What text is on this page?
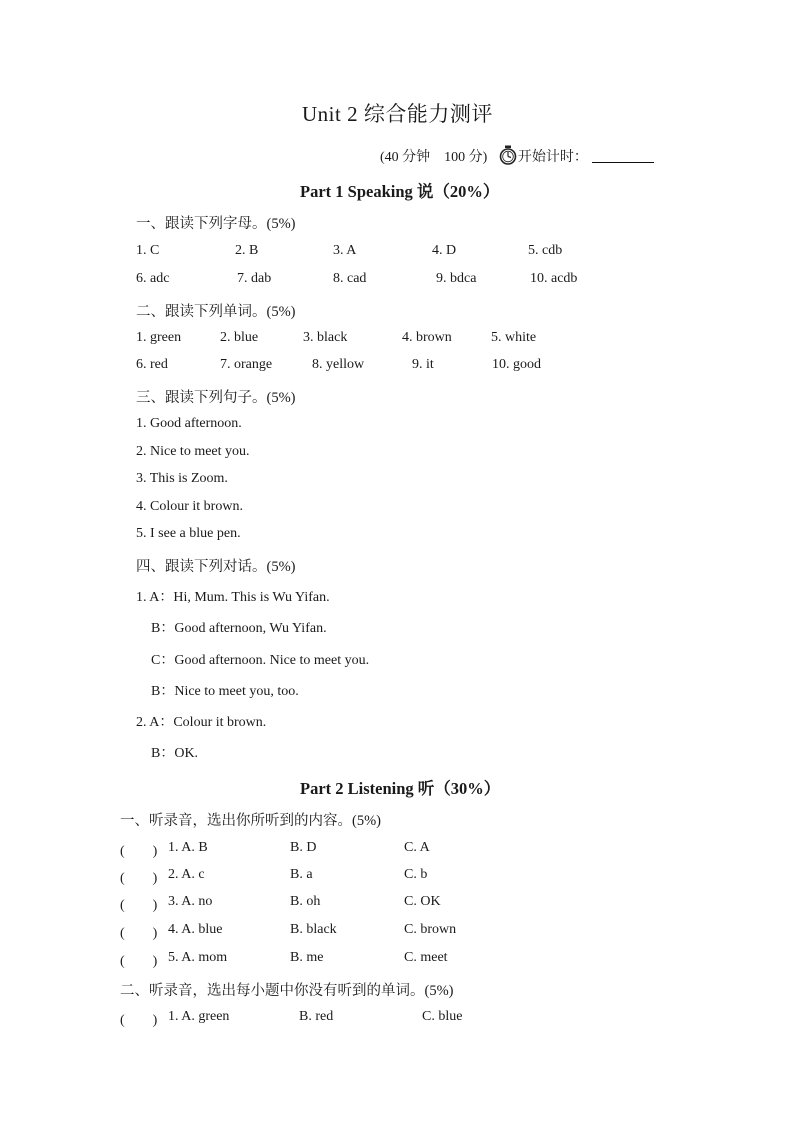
Unit 2 综合能力测评
(40 分钟　100 分) 开始计时：
Part 1 Speaking 说（20%）
一、跟读下列字母。(5%)
1. C	2. B	3. A	4. D	5. cdb
6. adc	7. dab	8. cad	9. bdca	10. acdb
二、跟读下列单词。(5%)
1. green	2. blue	3. black	4. brown	5. white
6. red	7. orange	8. yellow	9. it	10. good
三、跟读下列句子。(5%)
1. Good afternoon.
2. Nice to meet you.
3. This is Zoom.
4. Colour it brown.
5. I see a blue pen.
四、跟读下列对话。(5%)
1. A：Hi, Mum. This is Wu Yifan.
B：Good afternoon, Wu Yifan.
C：Good afternoon. Nice to meet you.
B：Nice to meet you, too.
2. A：Colour it brown.
B：OK.
Part 2 Listening 听（30%）
一、听录音，选出你所听到的内容。(5%)
(　　) 1. A. B	B. D	C. A
(　　) 2. A. c	B. a	C. b
(　　) 3. A. no	B. oh	C. OK
(　　) 4. A. blue	B. black	C. brown
(　　) 5. A. mom	B. me	C. meet
二、听录音，选出每小题中你没有听到的单词。(5%)
(　　) 1. A. green	B. red	C. blue
